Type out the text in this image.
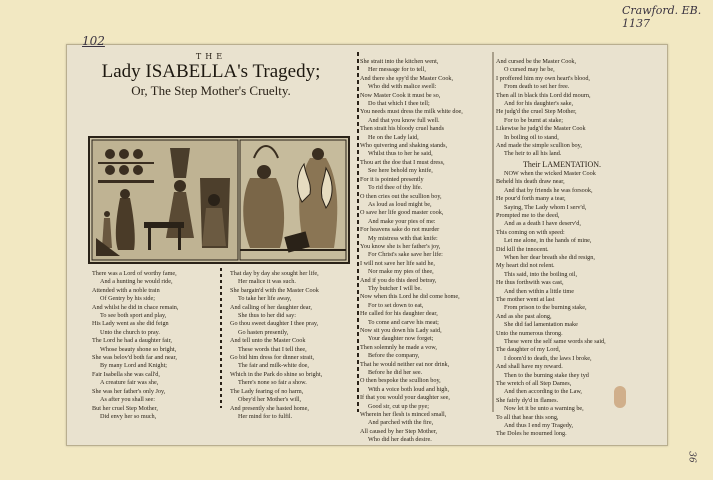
Crawford. EB. 1137
102
36
THE
Lady ISABELLA's Tragedy;
Or, The Step Mother's Cruelty.
There was a Lord of worthy fame,
And a hunting he would ride,
Attended with a noble train
Of Gentry by his side;
And whilst he did in chace remain,
To see both sport and play,
His Lady went as she did feign
Unto the church to pray.
The Lord he had a daughter fair,
Whose beauty shone so bright,
She was belov'd both far and near,
By many Lord and Knight;
Fair Isabella she was call'd,
A creature fair was she,
She was her father's only Joy,
As after you shall see:
But her cruel Step Mother,
Did envy her so much,
That day by day she sought her life,
Her malice it was such.
She bargain'd with the Master Cook
To take her life away,
And calling of her daughter dear,
She thus to her did say:
Go thou sweet daughter I thee pray,
Go hasten presently,
And tell unto the Master Cook
These words that I tell thee,
Go bid him dress for dinner strait,
The fair and milk-white doe,
Which in the Park do shine so bright,
There's none so fair a show.
The Lady fearing of no harm,
Obey'd her Mother's will,
And presently she hasted home,
Her mind for to fulfil.
She strait into the kitchen went,
Her message for to tell,
And there she spy'd the Master Cook,
Who did with malice swell:
Now Master Cook it must be so,
Do that which I thee tell;
You needs must dress the milk white doe,
And that you know full well.
Then strait his bloody cruel hands
He on the Lady laid,
Who quivering and shaking stands,
Whilst thus to her he said,
Thou art the doe that I must dress,
See here behold my knife,
For it is pointed presently
To rid thee of thy life.
O then cries out the scullion boy,
As loud as loud might be,
O save her life good master cook,
And make your pies of me:
For heavens sake do not murder
My mistress with that knife:
You know she is her father's joy,
For Christ's sake save her life:
I will not save her life said he,
Nor make my pies of thee,
And if you do this deed betray,
Thy butcher I will be.
Now when this Lord he did come home,
For to set down to eat,
He called for his daughter dear,
To come and carve his meat;
Now sit you down his Lady said,
Your daughter now forget;
Then solemnly he made a vow,
Before the company,
That he would neither eat nor drink,
Before he did her see.
O then bespoke the scullion boy,
With a voice both loud and high,
If that you would your daughter see,
Good sir, cut up the pye;
Wherein her flesh is minced small,
And parched with the fire,
All caused by her Step Mother,
Who did her death desire.
And cursed be the Master Cook,
O cursed may he be,
I proffered him my own heart's blood,
From death to set her free.
Then all in black this Lord did mourn,
And for his daughter's sake,
He judg'd the cruel Step Mother,
For to be burnt at stake;
Likewise he judg'd the Master Cook
In boiling oil to stand,
And made the simple scullion boy,
The heir to all his land.
Their LAMENTATION.
NOW when the wicked Master Cook
Beheld his death draw near,
And that by friends he was forsook,
He pour'd forth many a tear,
Saying, The Lady whom I serv'd,
Prompted me to the deed,
And as a death I have deserv'd,
This coming on with speed:
Let me alone, in the hands of mine,
Did kill the innocent.
When her dear breath she did resign,
My heart did not relent.
This said, into the boiling oil,
He thus forthwith was cast,
And then within a little time
The mother went at last
From prison to the burning stake,
And as she past along,
She did fad lamentation make
Unto the numerous throng.
These were the self same words she said,
The daughter of my Lord,
I doom'd to death, the laws I broke,
And shall have my reward.
Then to the burning stake they tyd
The wretch of all Step Dames,
And then according to the Law,
She fairly dy'd in flames.
Now let it be unto a warning be,
To all that hear this song,
And thus I end my Tragedy,
The Doles he mourned long.
